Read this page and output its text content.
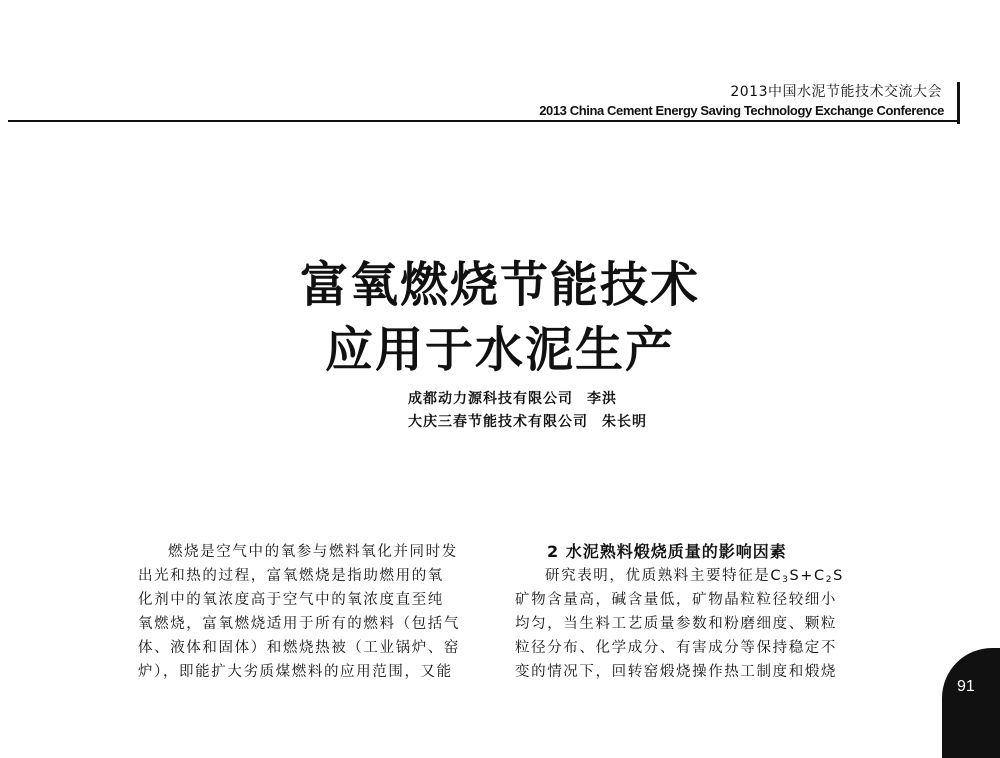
2013中国水泥节能技术交流大会
2013 China Cement Energy Saving Technology Exchange Conference
富氧燃烧节能技术
应用于水泥生产
成都动力源科技有限公司 李洪
大庆三春节能技术有限公司 朱长明
燃烧是空气中的氧参与燃料氧化并同时发
出光和热的过程，富氧燃烧是指助燃用的氧
化剂中的氧浓度高于空气中的氧浓度直至纯
氧燃烧，富氧燃烧适用于所有的燃料（包括气
体、液体和固体）和燃烧热被（工业锅炉、窑
炉），即能扩大劣质煤燃料的应用范围，又能
2 水泥熟料煅烧质量的影响因素
研究表明，优质熟料主要特征是$C_3S+C_2S$
矿物含量高，碱含量低，矿物晶粒粒径较细小
均匀，当生料工艺质量参数和粉磨细度、颗粒
粒径分布、化学成分、有害成分等保持稳定不
变的情况下，回转窑煅烧操作热工制度和煅烧
91
